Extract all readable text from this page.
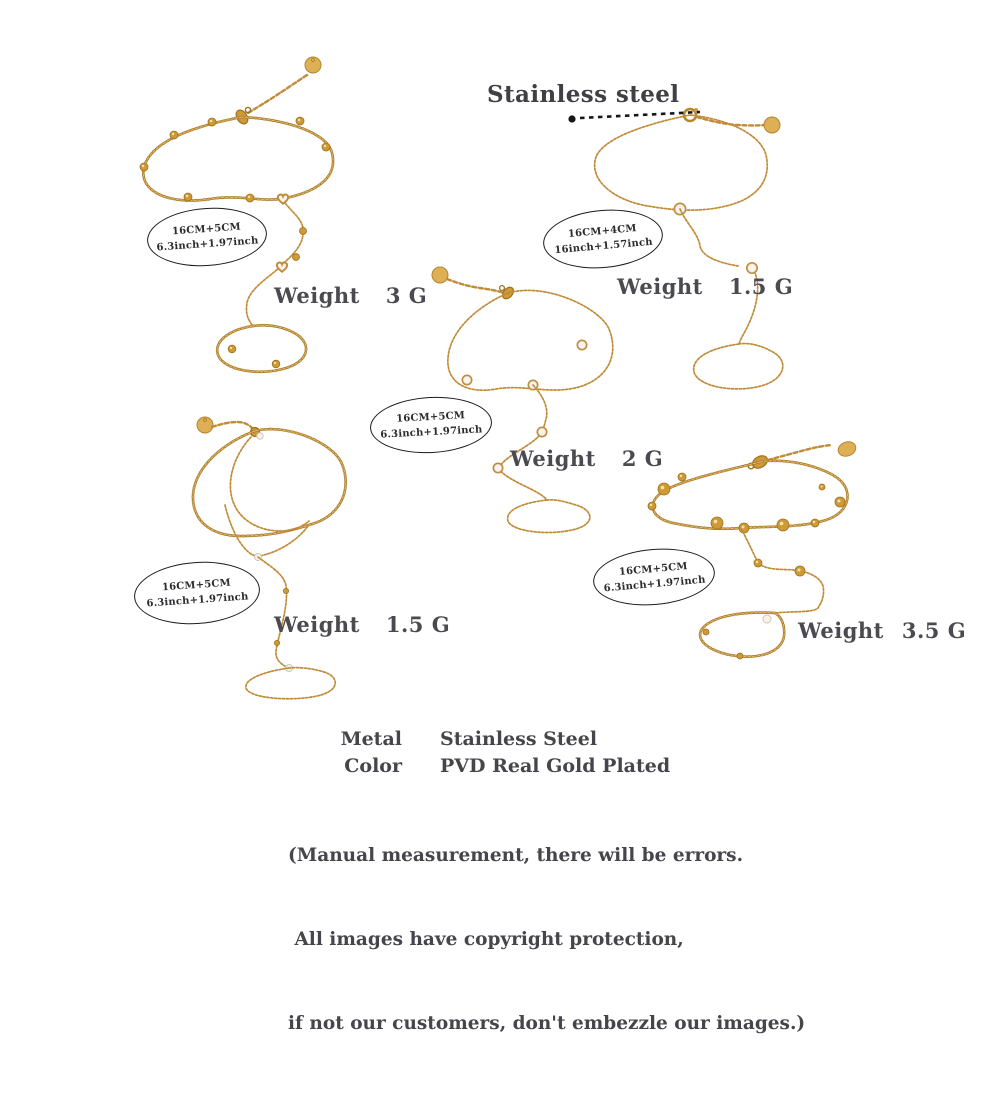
Stainless steel
16CM+5CM
6.3inch+1.97inch
16CM+4CM
16inch+1.57inch
16CM+5CM
6.3inch+1.97inch
16CM+5CM
6.3inch+1.97inch
16CM+5CM
6.3inch+1.97inch
Weight 3 G	Weight 1.5 G
Weight 2 G
Weight 1.5 G	Weight 3.5 G
Metal Stainless Steel
Color PVD Real Gold Plated

(Manual measurement, there will be errors.

All images have copyright protection,

if not our customers, don't embezzle our images.)
